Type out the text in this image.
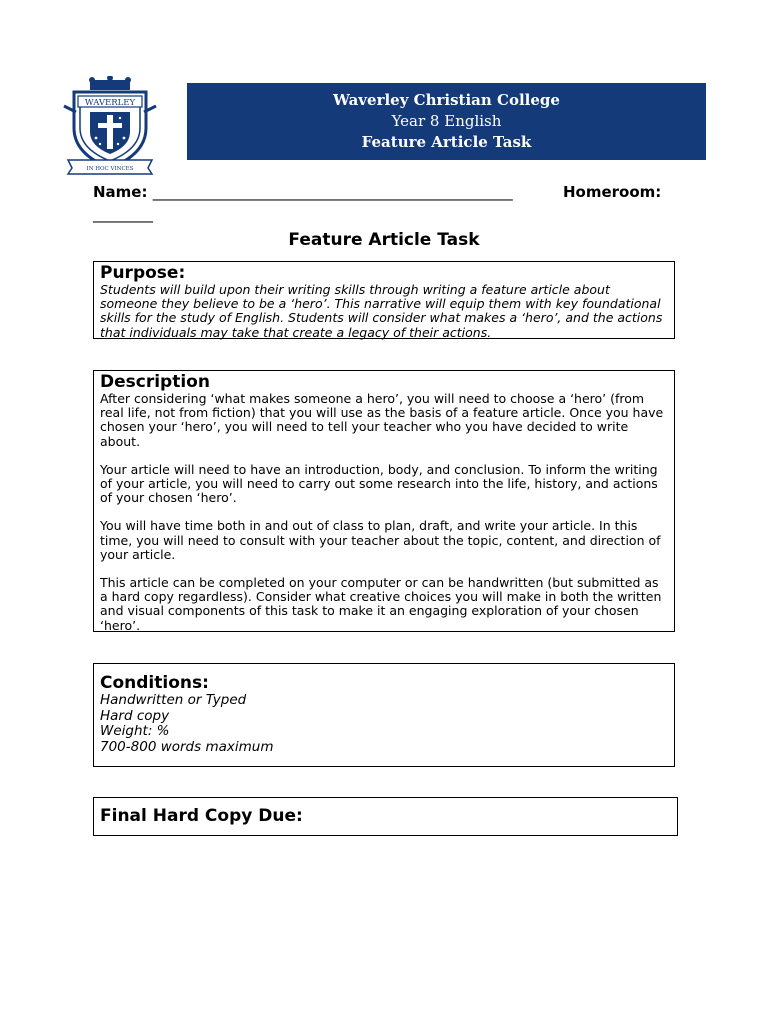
WAVERLEY
IN HOC VINCES
Waverley Christian College
Year 8 English
Feature Article Task
Name: ________________________________________________	Homeroom:
________
Feature Article Task
Purpose:

Students will build upon their writing skills through writing a feature article about someone they believe to be a ‘hero’. This narrative will equip them with key foundational skills for the study of English. Students will consider what makes a ‘hero’, and the actions that individuals may take that create a legacy of their actions.

Description

After considering ‘what makes someone a hero’, you will need to choose a ‘hero’ (from real life, not from fiction) that you will use as the basis of a feature article. Once you have chosen your ‘hero’, you will need to tell your teacher who you have decided to write about.

Your article will need to have an introduction, body, and conclusion. To inform the writing of your article, you will need to carry out some research into the life, history, and actions of your chosen ‘hero’.

You will have time both in and out of class to plan, draft, and write your article. In this time, you will need to consult with your teacher about the topic, content, and direction of your article.

This article can be completed on your computer or can be handwritten (but submitted as a hard copy regardless). Consider what creative choices you will make in both the written and visual components of this task to make it an engaging exploration of your chosen ‘hero’.

Conditions:

Handwritten or Typed

Hard copy

Weight: %

700-800 words maximum

Final Hard Copy Due:
